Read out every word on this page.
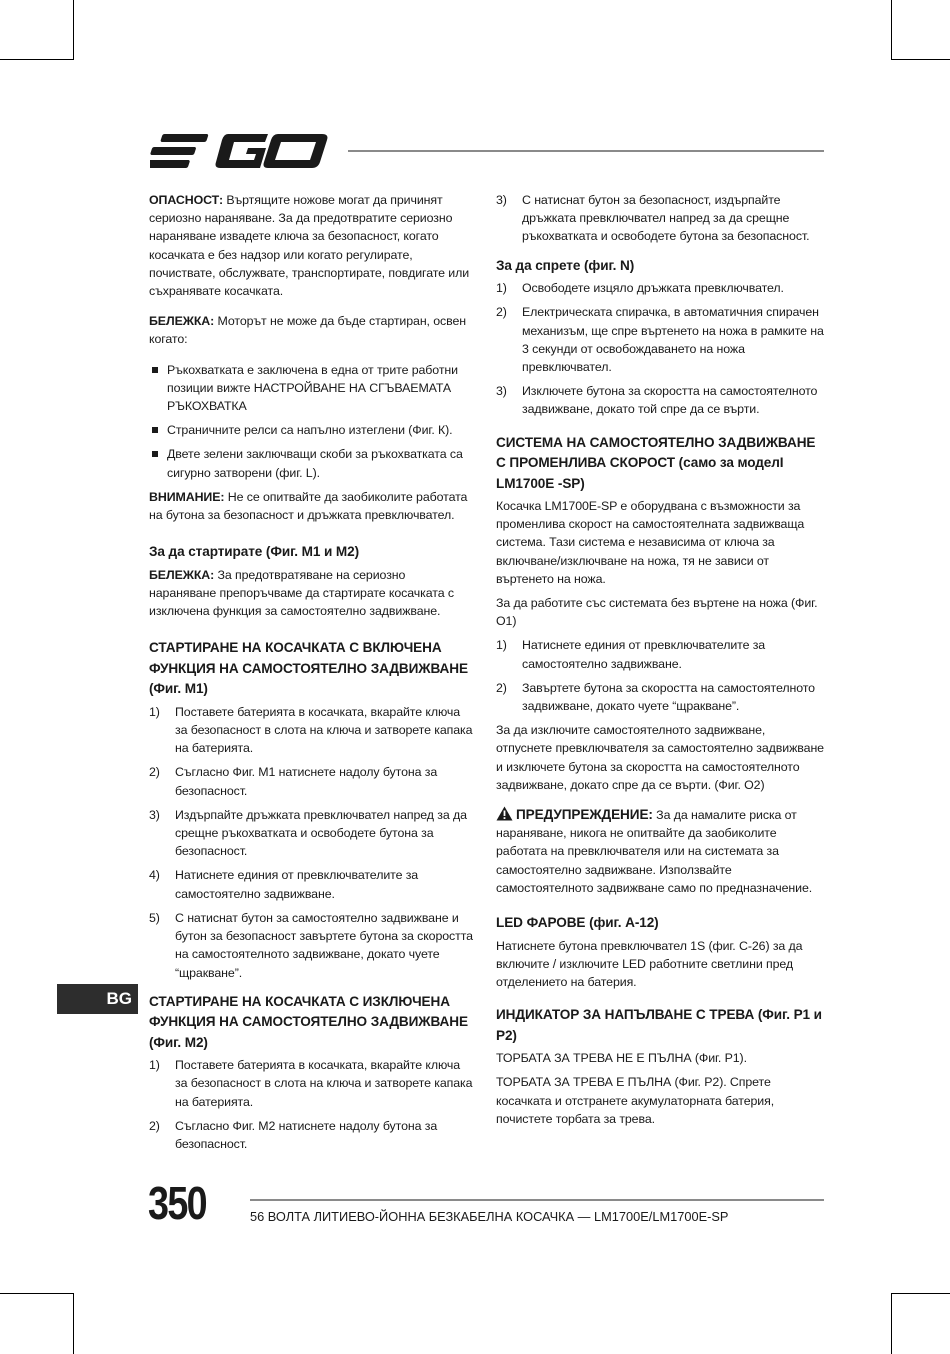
ОПАСНОСТ: Въртящите ножове могат да причинят сериозно нараняване. За да предотвратите сериозно нараняване извадете ключа за безопасност, когато косачката е без надзор или когато регулирате, почиствате, обслужвате, транспортирате, повдигате или съхранявате косачката.

БЕЛЕЖКА: Моторът не може да бъде стартиран, освен когато:

Ръкохватката е заключена в една от трите работни позиции вижте НАСТРОЙВАНЕ НА СГЪВАЕМАТА РЪКОХВАТКА
Страничните релси са напълно изтеглени (Фиг. К).
Двете зелени заключващи скоби за ръкохватката са сигурно затворени (фиг. L).

ВНИМАНИЕ: Не се опитвайте да заобиколите работата на бутона за безопасност и дръжката превключвател.

За да стартирате (Фиг. М1 и М2)

БЕЛЕЖКА: За предотвратяване на сериозно нараняване препоръчваме да стартирате косачката с изключена функция за самостоятелно задвижване.

СТАРТИРАНЕ НА КОСАЧКАТА С ВКЛЮЧЕНА ФУНКЦИЯ НА САМОСТОЯТЕЛНО ЗАДВИЖВАНЕ (Фиг. М1)
1) Поставете батерията в косачката, вкарайте ключа за безопасност в слота на ключа и затворете капака на батерията.
2) Съгласно Фиг. М1 натиснете надолу бутона за безопасност.
3) Издърпайте дръжката превключвател напред за да срещне ръкохватката и освободете бутона за безопасност.
4) Натиснете единия от превключвателите за самостоятелно задвижване.
5) С натиснат бутон за самостоятелно задвижване и бутон за безопасност завъртете бутона за скоростта на самостоятелното задвижване, докато чуете “щракване”.
СТАРТИРАНЕ НА КОСАЧКАТА С ИЗКЛЮЧЕНА ФУНКЦИЯ НА САМОСТОЯТЕЛНО ЗАДВИЖВАНЕ (Фиг. М2)
1) Поставете батерията в косачката, вкарайте ключа за безопасност в слота на ключа и затворете капака на батерията.
2) Съгласно Фиг. М2 натиснете надолу бутона за безопасност.
3) С натиснат бутон за безопасност, издърпайте дръжката превключвател напред за да срещне ръкохватката и освободете бутона за безопасност.
За да спрете (фиг. N)
1) Освободете изцяло дръжката превключвател.
2) Електрическата спирачка, в автоматичния спирачен механизъм, ще спре въртенето на ножа в рамките на 3 секунди от освобождаването на ножа превключвател.
3) Изключете бутона за скоростта на самостоятелното задвижване, докато той спре да се върти.
СИСТЕМА НА САМОСТОЯТЕЛНО ЗАДВИЖВАНЕ С ПРОМЕНЛИВА СКОРОСТ (само за моделI LM1700E -SP)

Косачка LM1700E-SP е оборудвана с възможности за променлива скорост на самостоятелната задвижваща система. Тази система е независима от ключа за включване/изключване на ножа, тя не зависи от въртенето на ножа.

За да работите със системата без въртене на ножа (Фиг. O1)

1) Натиснете единия от превключвателите за самостоятелно задвижване.
2) Завъртете бутона за скоростта на самостоятелното задвижване, докато чуете “щракване”.

За да изключите самостоятелното задвижване, отпуснете превключвателя за самостоятелно задвижване и изключете бутона за скоростта на самостоятелното задвижване, докато спре да се върти. (Фиг. O2)

ПРЕДУПРЕЖДЕНИЕ: За да намалите риска от нараняване, никога не опитвайте да заобиколите работата на превключвателя или на системата за самостоятелно задвижване. Използвайте самостоятелното задвижване само по предназначение.

LED ФАРОВЕ (фиг. A-12)

Натиснете бутона превключвател 1S (фиг. C-26) за да включите / изключите LED работните светлини пред отделението на батерия.

ИНДИКАТОР ЗА НАПЪЛВАНЕ С ТРЕВА (Фиг. P1 и P2)

ТОРБАТА ЗА ТРЕВА НЕ Е ПЪЛНА (Фиг. P1).

ТОРБАТА ЗА ТРЕВА Е ПЪЛНА (Фиг. P2). Спрете косачката и отстранете акумулаторната батерия, почистете торбата за трева.

BG
350	56 ВОЛТА ЛИТИЕВО-ЙОННА БЕЗКАБЕЛНА КОСАЧКА — LM1700E/LM1700E-SP
